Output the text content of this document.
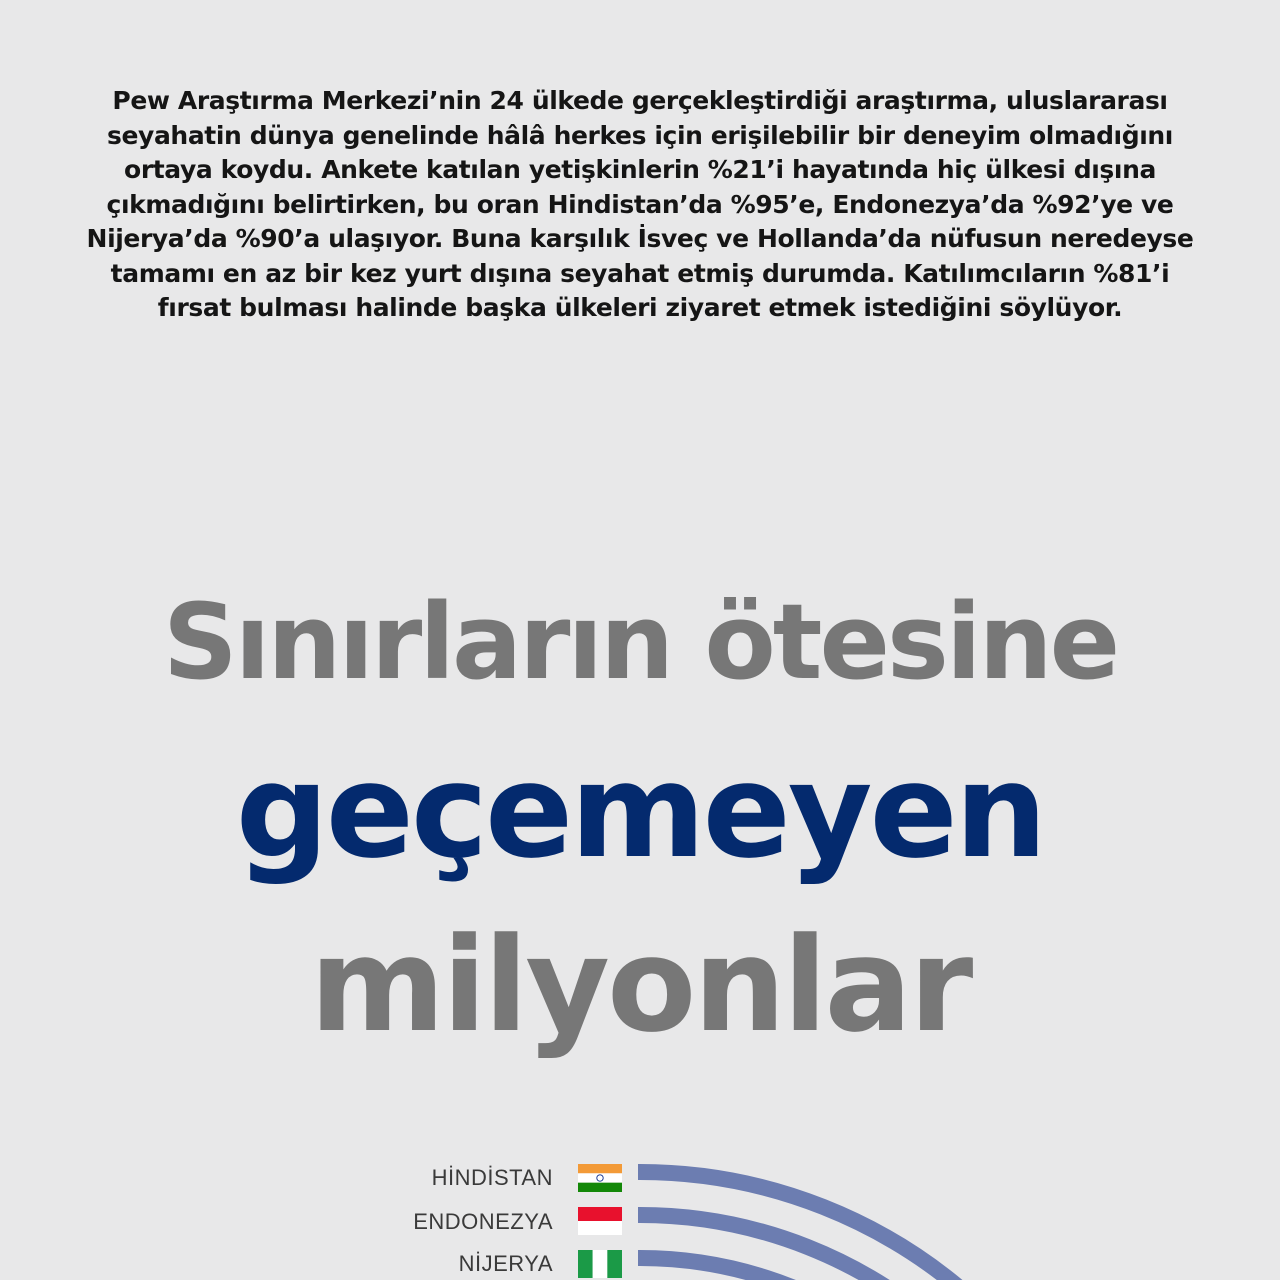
Pew Araştırma Merkezi’nin 24 ülkede gerçekleştirdiği araştırma, uluslararası seyahatin dünya genelinde hâlâ herkes için erişilebilir bir deneyim olmadığını ortaya koydu. Ankete katılan yetişkinlerin %21’i hayatında hiç ülkesi dışına çıkmadığını belirtirken, bu oran Hindistan’da %95’e, Endonezya’da %92’ye ve Nijerya’da %90’a ulaşıyor. Buna karşılık İsveç ve Hollanda’da nüfusun neredeyse tamamı en az bir kez yurt dışına seyahat etmiş durumda. Katılımcıların %81’i fırsat bulması halinde başka ülkeleri ziyaret etmek istediğini söylüyor.

Sınırların ötesine
geçemeyen
milyonlar
HİNDİSTAN
ENDONEZYA
NİJERYA
